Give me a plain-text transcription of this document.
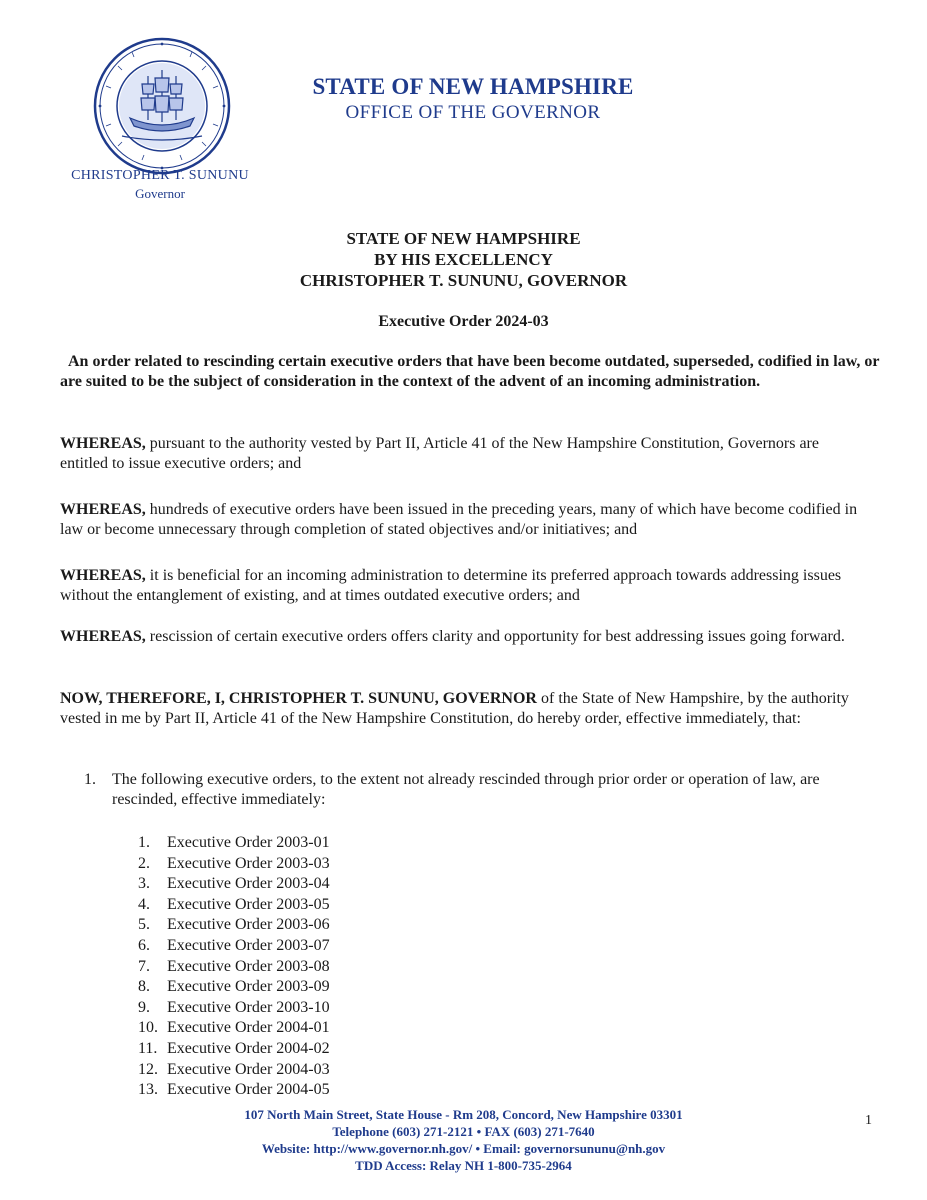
STATE OF NEW HAMPSHIRE
OFFICE OF THE GOVERNOR
CHRISTOPHER T. SUNUNU
Governor
STATE OF NEW HAMPSHIRE
BY HIS EXCELLENCY
CHRISTOPHER T. SUNUNU, GOVERNOR
Executive Order 2024-03
An order related to rescinding certain executive orders that have been become outdated, superseded, codified in law, or are suited to be the subject of consideration in the context of the advent of an incoming administration.
WHEREAS, pursuant to the authority vested by Part II, Article 41 of the New Hampshire Constitution, Governors are entitled to issue executive orders; and
WHEREAS, hundreds of executive orders have been issued in the preceding years, many of which have become codified in law or become unnecessary through completion of stated objectives and/or initiatives; and
WHEREAS, it is beneficial for an incoming administration to determine its preferred approach towards addressing issues without the entanglement of existing, and at times outdated executive orders; and
WHEREAS, rescission of certain executive orders offers clarity and opportunity for best addressing issues going forward.
NOW, THEREFORE, I, CHRISTOPHER T. SUNUNU, GOVERNOR of the State of New Hampshire, by the authority vested in me by Part II, Article 41 of the New Hampshire Constitution, do hereby order, effective immediately, that:
1. The following executive orders, to the extent not already rescinded through prior order or operation of law, are rescinded, effective immediately:
1.	Executive Order 2003-01
2.	Executive Order 2003-03
3.	Executive Order 2003-04
4.	Executive Order 2003-05
5.	Executive Order 2003-06
6.	Executive Order 2003-07
7.	Executive Order 2003-08
8.	Executive Order 2003-09
9.	Executive Order 2003-10
10. Executive Order 2004-01
11. Executive Order 2004-02
12. Executive Order 2004-03
13. Executive Order 2004-05
107 North Main Street, State House - Rm 208, Concord, New Hampshire 03301
Telephone (603) 271-2121 • FAX (603) 271-7640
Website: http://www.governor.nh.gov/ • Email: governorsununu@nh.gov
TDD Access: Relay NH 1-800-735-2964
1
